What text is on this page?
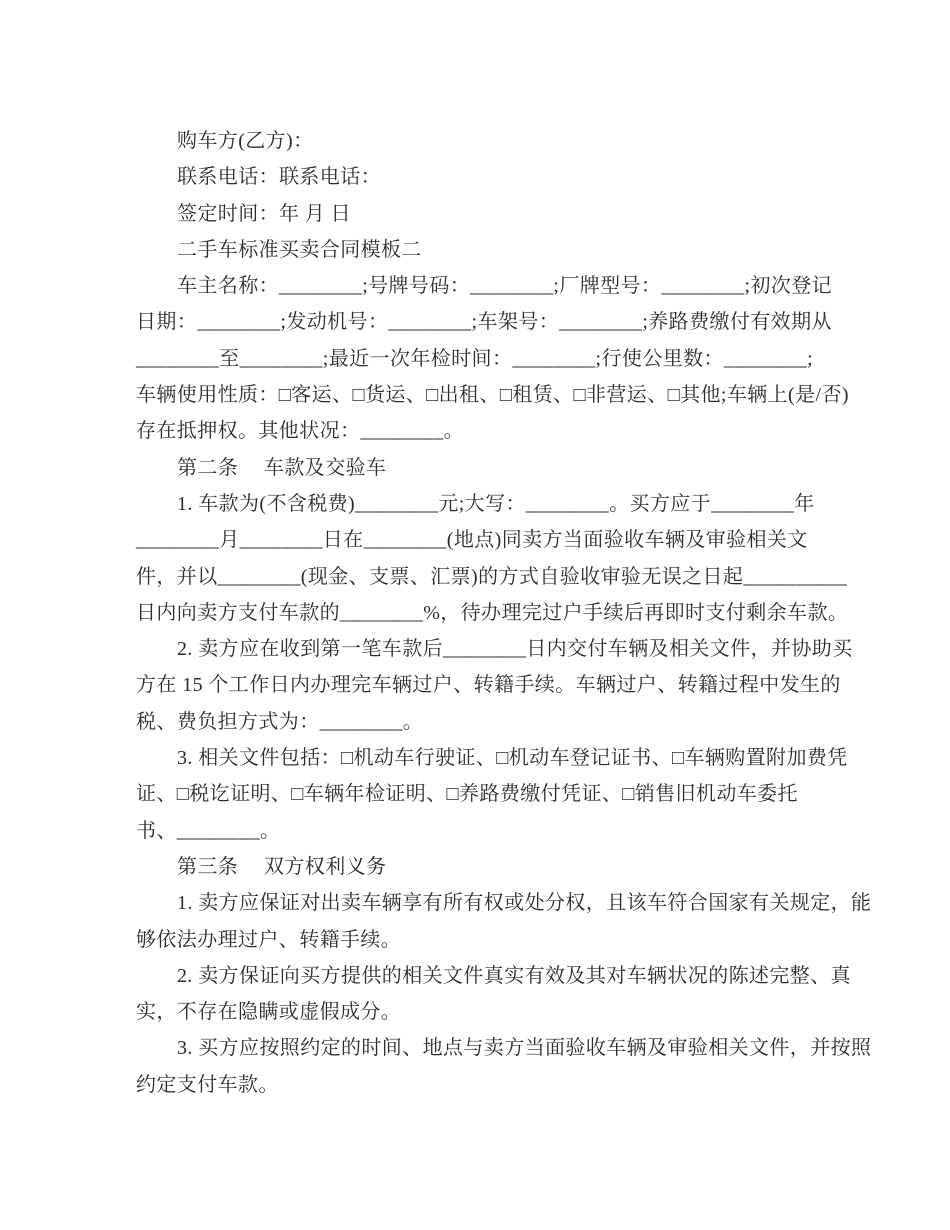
购车方(乙方)：
联系电话：联系电话：
签定时间：年 月 日
二手车标准买卖合同模板二
车主名称：________;号牌号码：________;厂牌型号：________;初次登记
日期：________;发动机号：________;车架号：________;养路费缴付有效期从
________至________;最近一次年检时间：________;行使公里数：________;
车辆使用性质：□客运、□货运、□出租、□租赁、□非营运、□其他;车辆上(是/否)
存在抵押权。其他状况：________。
第二条　 车款及交验车
1. 车款为(不含税费)________元;大写：________。买方应于________年
________月________日在________(地点)同卖方当面验收车辆及审验相关文
件，并以________(现金、支票、汇票)的方式自验收审验无误之日起__________
日内向卖方支付车款的________%，待办理完过户手续后再即时支付剩余车款。
2. 卖方应在收到第一笔车款后________日内交付车辆及相关文件，并协助买
方在 15 个工作日内办理完车辆过户、转籍手续。车辆过户、转籍过程中发生的
税、费负担方式为：________。
3. 相关文件包括：□机动车行驶证、□机动车登记证书、□车辆购置附加费凭
证、□税讫证明、□车辆年检证明、□养路费缴付凭证、□销售旧机动车委托
书、________。
第三条　 双方权利义务
1. 卖方应保证对出卖车辆享有所有权或处分权，且该车符合国家有关规定，能
够依法办理过户、转籍手续。
2. 卖方保证向买方提供的相关文件真实有效及其对车辆状况的陈述完整、真
实，不存在隐瞒或虚假成分。
3. 买方应按照约定的时间、地点与卖方当面验收车辆及审验相关文件，并按照
约定支付车款。
